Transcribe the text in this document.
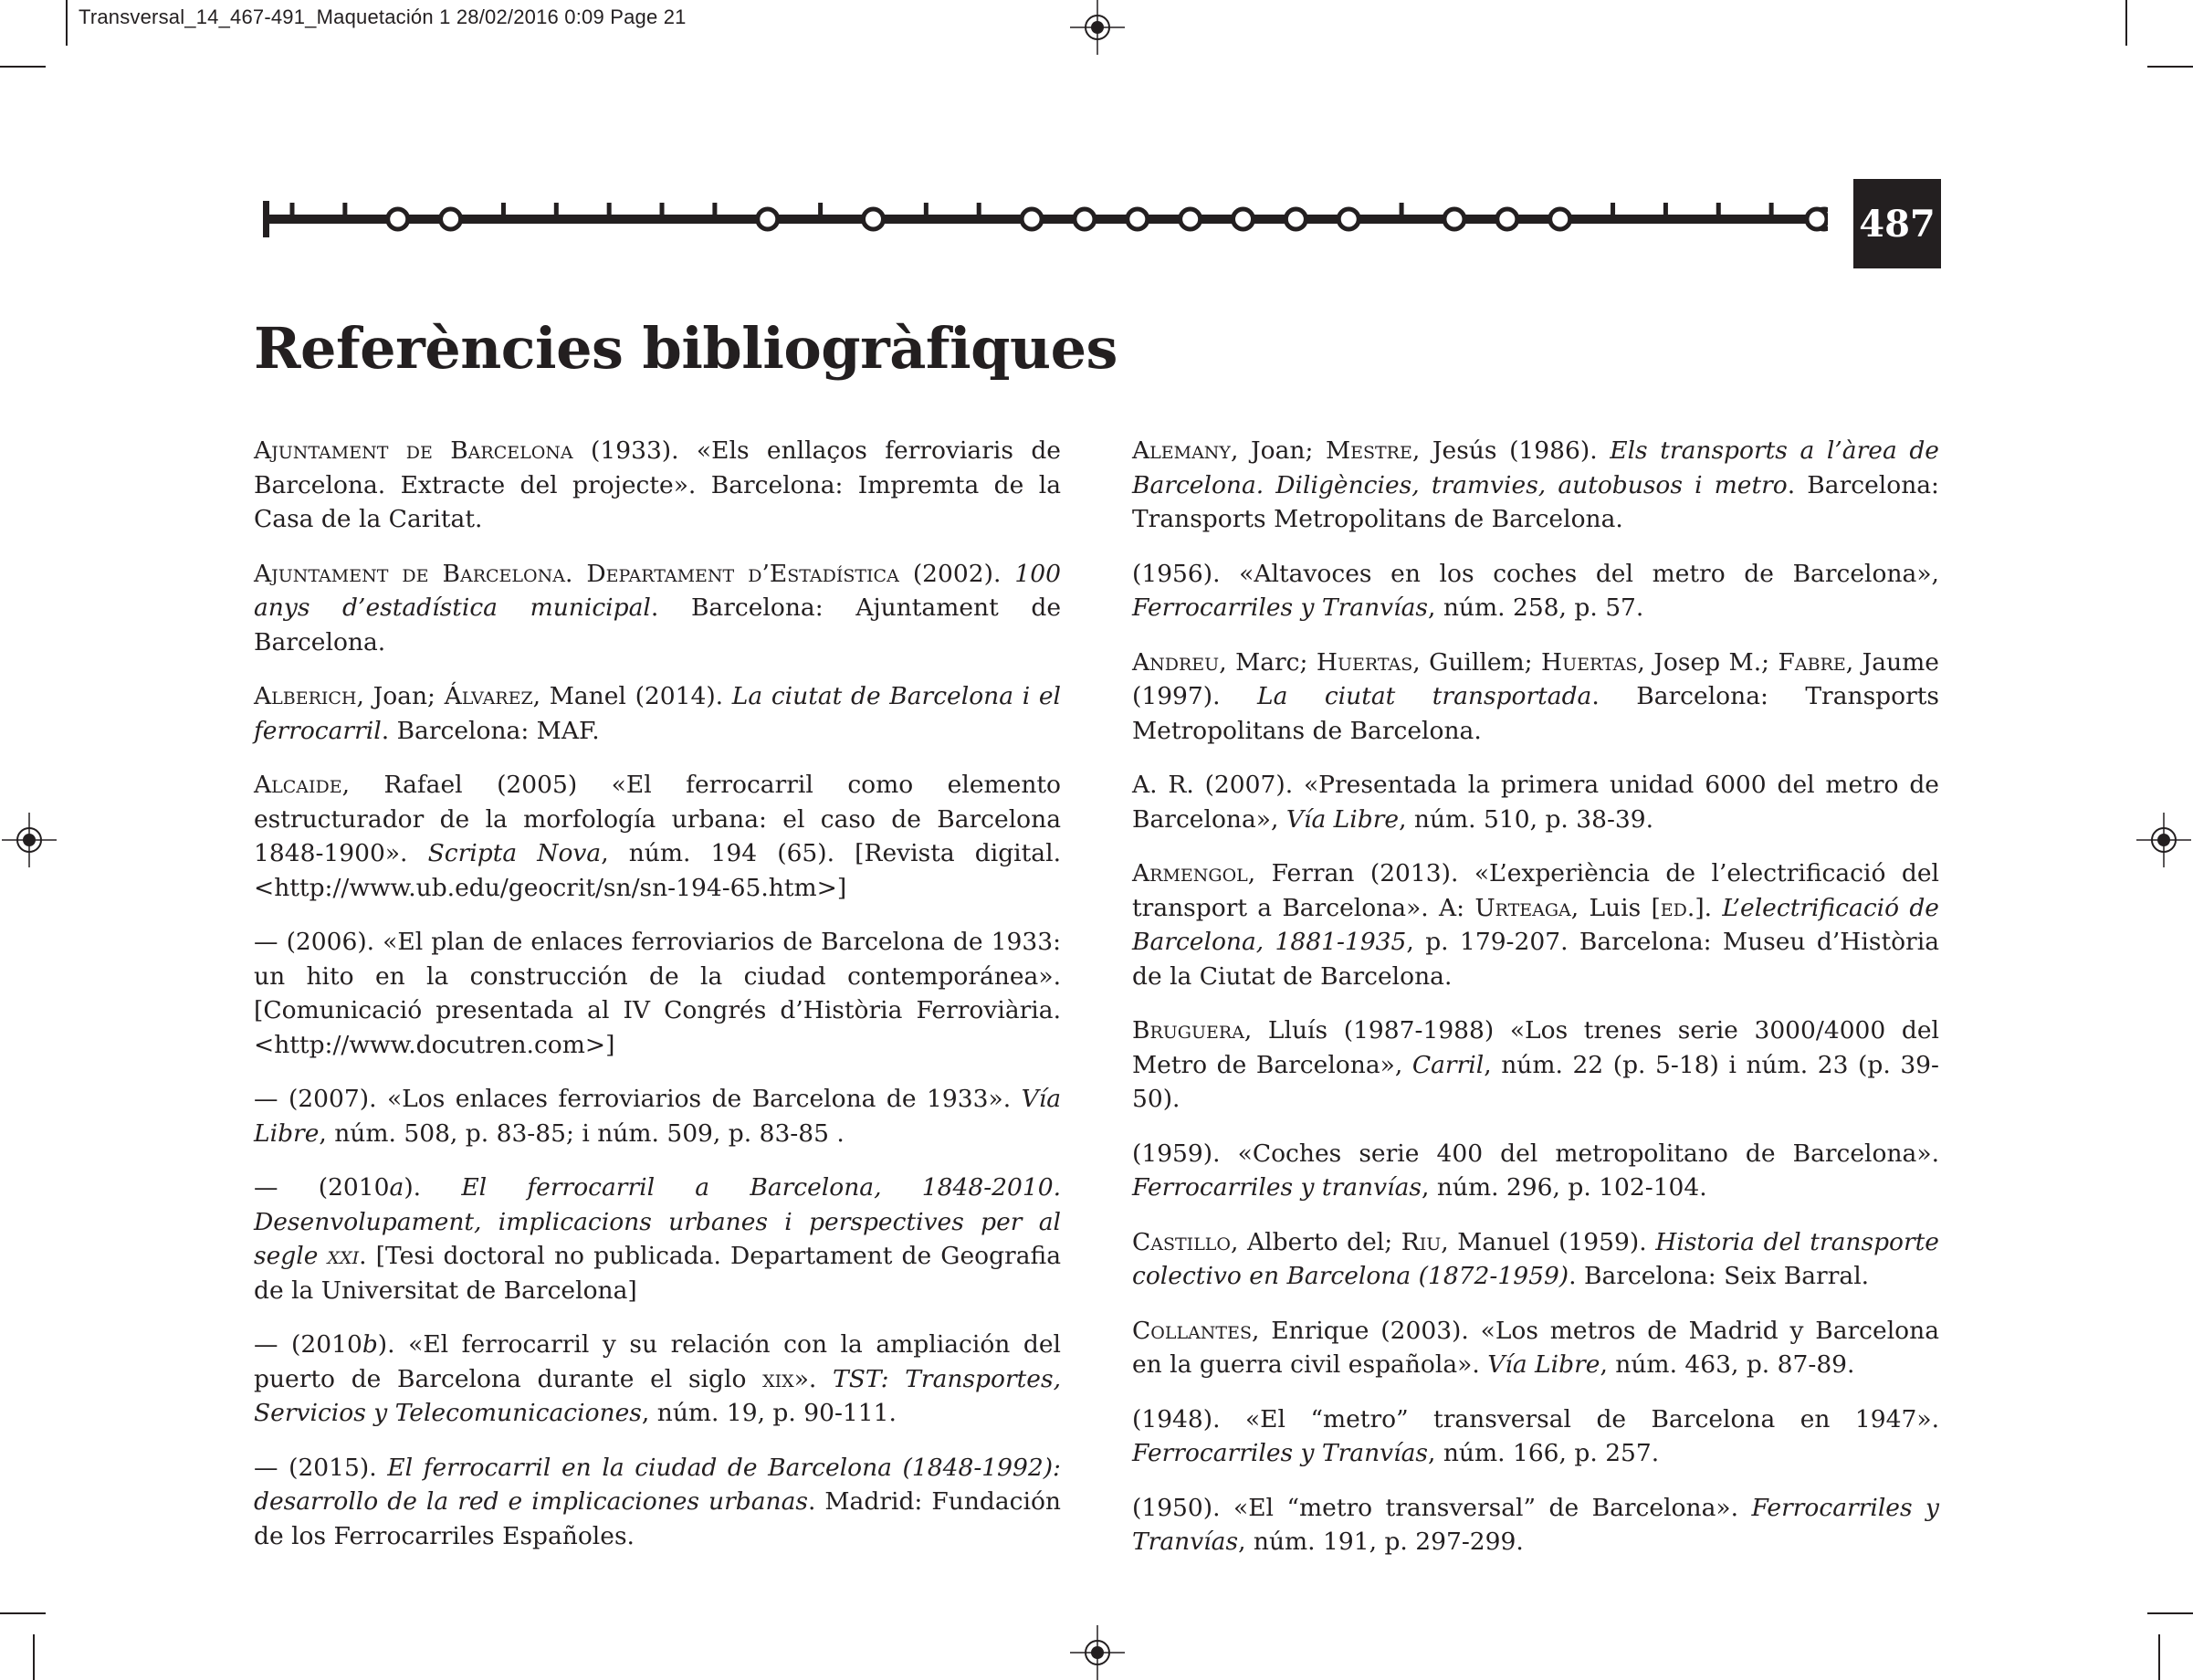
Transversal_14_467-491_Maquetación 1 28/02/2016 0:09 Page 21
487
Referències bibliogràfiques

Ajuntament de Barcelona (1933). «Els enllaços ferroviaris de Barcelona. Extracte del projecte». Barcelona: Impremta de la Casa de la Caritat.

Ajuntament de Barcelona. Departament d’Estadística (2002). 100 anys d’estadística municipal. Barcelona: Ajuntament de Barcelona.

Alberich, Joan; Álvarez, Manel (2014). La ciutat de Barcelona i el ferrocarril. Barcelona: MAF.

Alcaide, Rafael (2005) «El ferrocarril como elemento estructurador de la morfología urbana: el caso de Barcelona 1848-1900». Scripta Nova, núm. 194 (65). [Revista digital. <http://www.ub.edu/geocrit/sn/sn-194-65.htm>]

— (2006). «El plan de enlaces ferroviarios de Barcelona de 1933: un hito en la construcción de la ciudad contemporánea». [Comunicació presentada al IV Congrés d’Història Ferroviària. <http://www.docutren.com>]

— (2007). «Los enlaces ferroviarios de Barcelona de 1933». Vía Libre, núm. 508, p. 83-85; i núm. 509, p. 83-85 .

— (2010a). El ferrocarril a Barcelona, 1848-2010. Desenvolupament, implicacions urbanes i perspectives per al segle xxi. [Tesi doctoral no publicada. Departament de Geografia de la Universitat de Barcelona]

— (2010b). «El ferrocarril y su relación con la ampliación del puerto de Barcelona durante el siglo xix». TST: Transportes, Servicios y Telecomunicaciones, núm. 19, p. 90-111.

— (2015). El ferrocarril en la ciudad de Barcelona (1848-1992): desarrollo de la red e implicaciones urbanas. Madrid: Fundación de los Ferrocarriles Españoles.

Alemany, Joan; Mestre, Jesús (1986). Els transports a l’àrea de Barcelona. Diligències, tramvies, autobusos i metro. Barcelona: Transports Metropolitans de Barcelona.

(1956). «Altavoces en los coches del metro de Barcelona», Ferrocarriles y Tranvías, núm. 258, p. 57.

Andreu, Marc; Huertas, Guillem; Huertas, Josep M.; Fabre, Jaume (1997). La ciutat transportada. Barcelona: Transports Metropolitans de Barcelona.

A. R. (2007). «Presentada la primera unidad 6000 del metro de Barcelona», Vía Libre, núm. 510, p. 38-39.

Armengol, Ferran (2013). «L’experiència de l’electrificació del transport a Barcelona». A: Urteaga, Luis [ed.]. L’electrificació de Barcelona, 1881-1935, p. 179-207. Barcelona: Museu d’Història de la Ciutat de Barcelona.

Bruguera, Lluís (1987-1988) «Los trenes serie 3000/4000 del Metro de Barcelona», Carril, núm. 22 (p. 5-18) i núm. 23 (p. 39-50).

(1959). «Coches serie 400 del metropolitano de Barcelona». Ferrocarriles y tranvías, núm. 296, p. 102-104.

Castillo, Alberto del; Riu, Manuel (1959). Historia del transporte colectivo en Barcelona (1872-1959). Barcelona: Seix Barral.

Collantes, Enrique (2003). «Los metros de Madrid y Barcelona en la guerra civil española». Vía Libre, núm. 463, p. 87-89.

(1948). «El “metro” transversal de Barcelona en 1947». Ferrocarriles y Tranvías, núm. 166, p. 257.

(1950). «El “metro transversal” de Barcelona». Ferrocarriles y Tranvías, núm. 191, p. 297-299.
